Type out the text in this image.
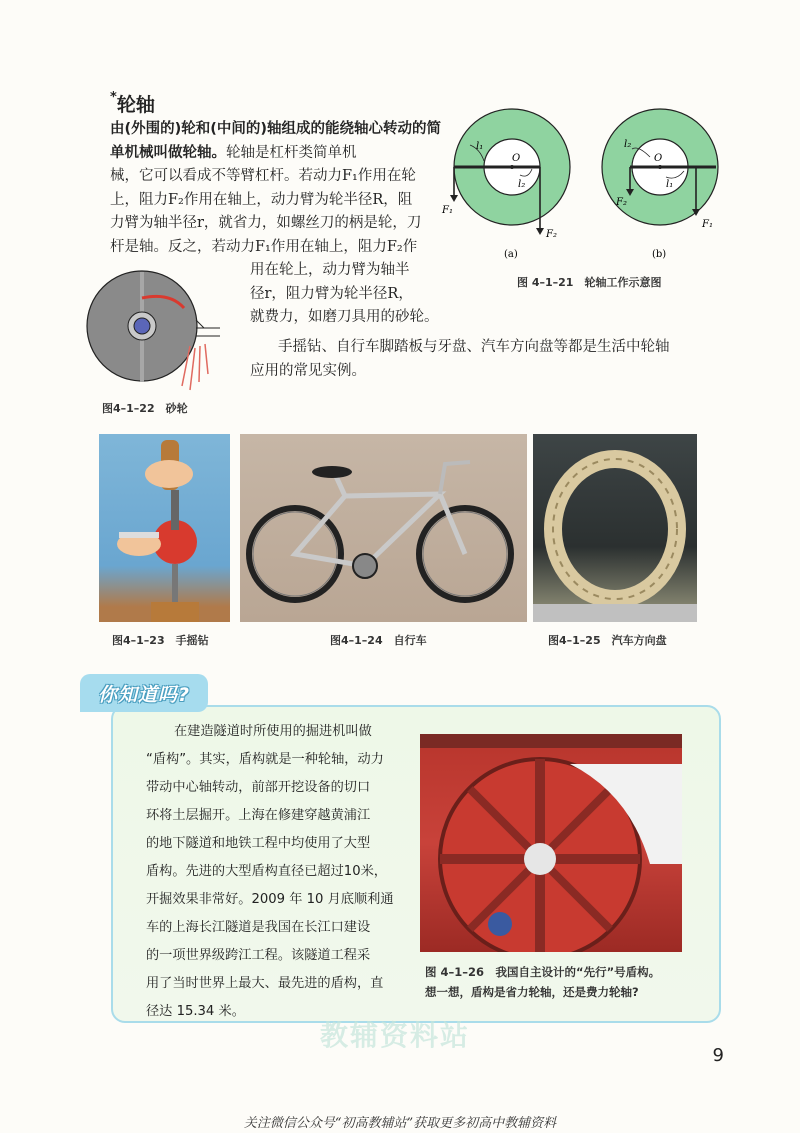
*轮轴
由(外围的)轮和(中间的)轴组成的能绕轴心转动的简单机械叫做轮轴。轮轴是杠杆类简单机
械，它可以看成不等臂杠杆。若动力F₁作用在轮
上，阻力F₂作用在轴上，动力臂为轮半径R，阻
力臂为轴半径r，就省力，如螺丝刀的柄是轮，刀
杆是轴。反之，若动力F₁作用在轴上，阻力F₂作
用在轮上，动力臂为轴半
径r，阻力臂为轮半径R，
就费力，如磨刀具用的砂轮。
手摇钻、自行车脚踏板与牙盘、汽车方向盘等都是生活中轮轴
应用的常见实例。
l₁
O
l₂
F₁
F₂
(a)
l₂
O
l₁
F₂
F₁
(b)
图 4–1–21　轮轴工作示意图
图4–1–22　砂轮
图4–1–23　手摇钻	图4–1–24　自行车	图4–1–25　汽车方向盘
你知道吗?
在建造隧道时所使用的掘进机叫做
“盾构”。其实，盾构就是一种轮轴，动力
带动中心轴转动，前部开挖设备的切口
环将土层掘开。上海在修建穿越黄浦江
的地下隧道和地铁工程中均使用了大型
盾构。先进的大型盾构直径已超过10米，
开掘效果非常好。2009 年 10 月底顺利通
车的上海长江隧道是我国在长江口建设
的一项世界级跨江工程。该隧道工程采
用了当时世界上最大、最先进的盾构，直
径达 15.34 米。
图 4–1–26　我国自主设计的“先行”号盾构。
想一想，盾构是省力轮轴，还是费力轮轴?
教辅资料站
9
关注微信公众号“初高教辅站”获取更多初高中教辅资料
